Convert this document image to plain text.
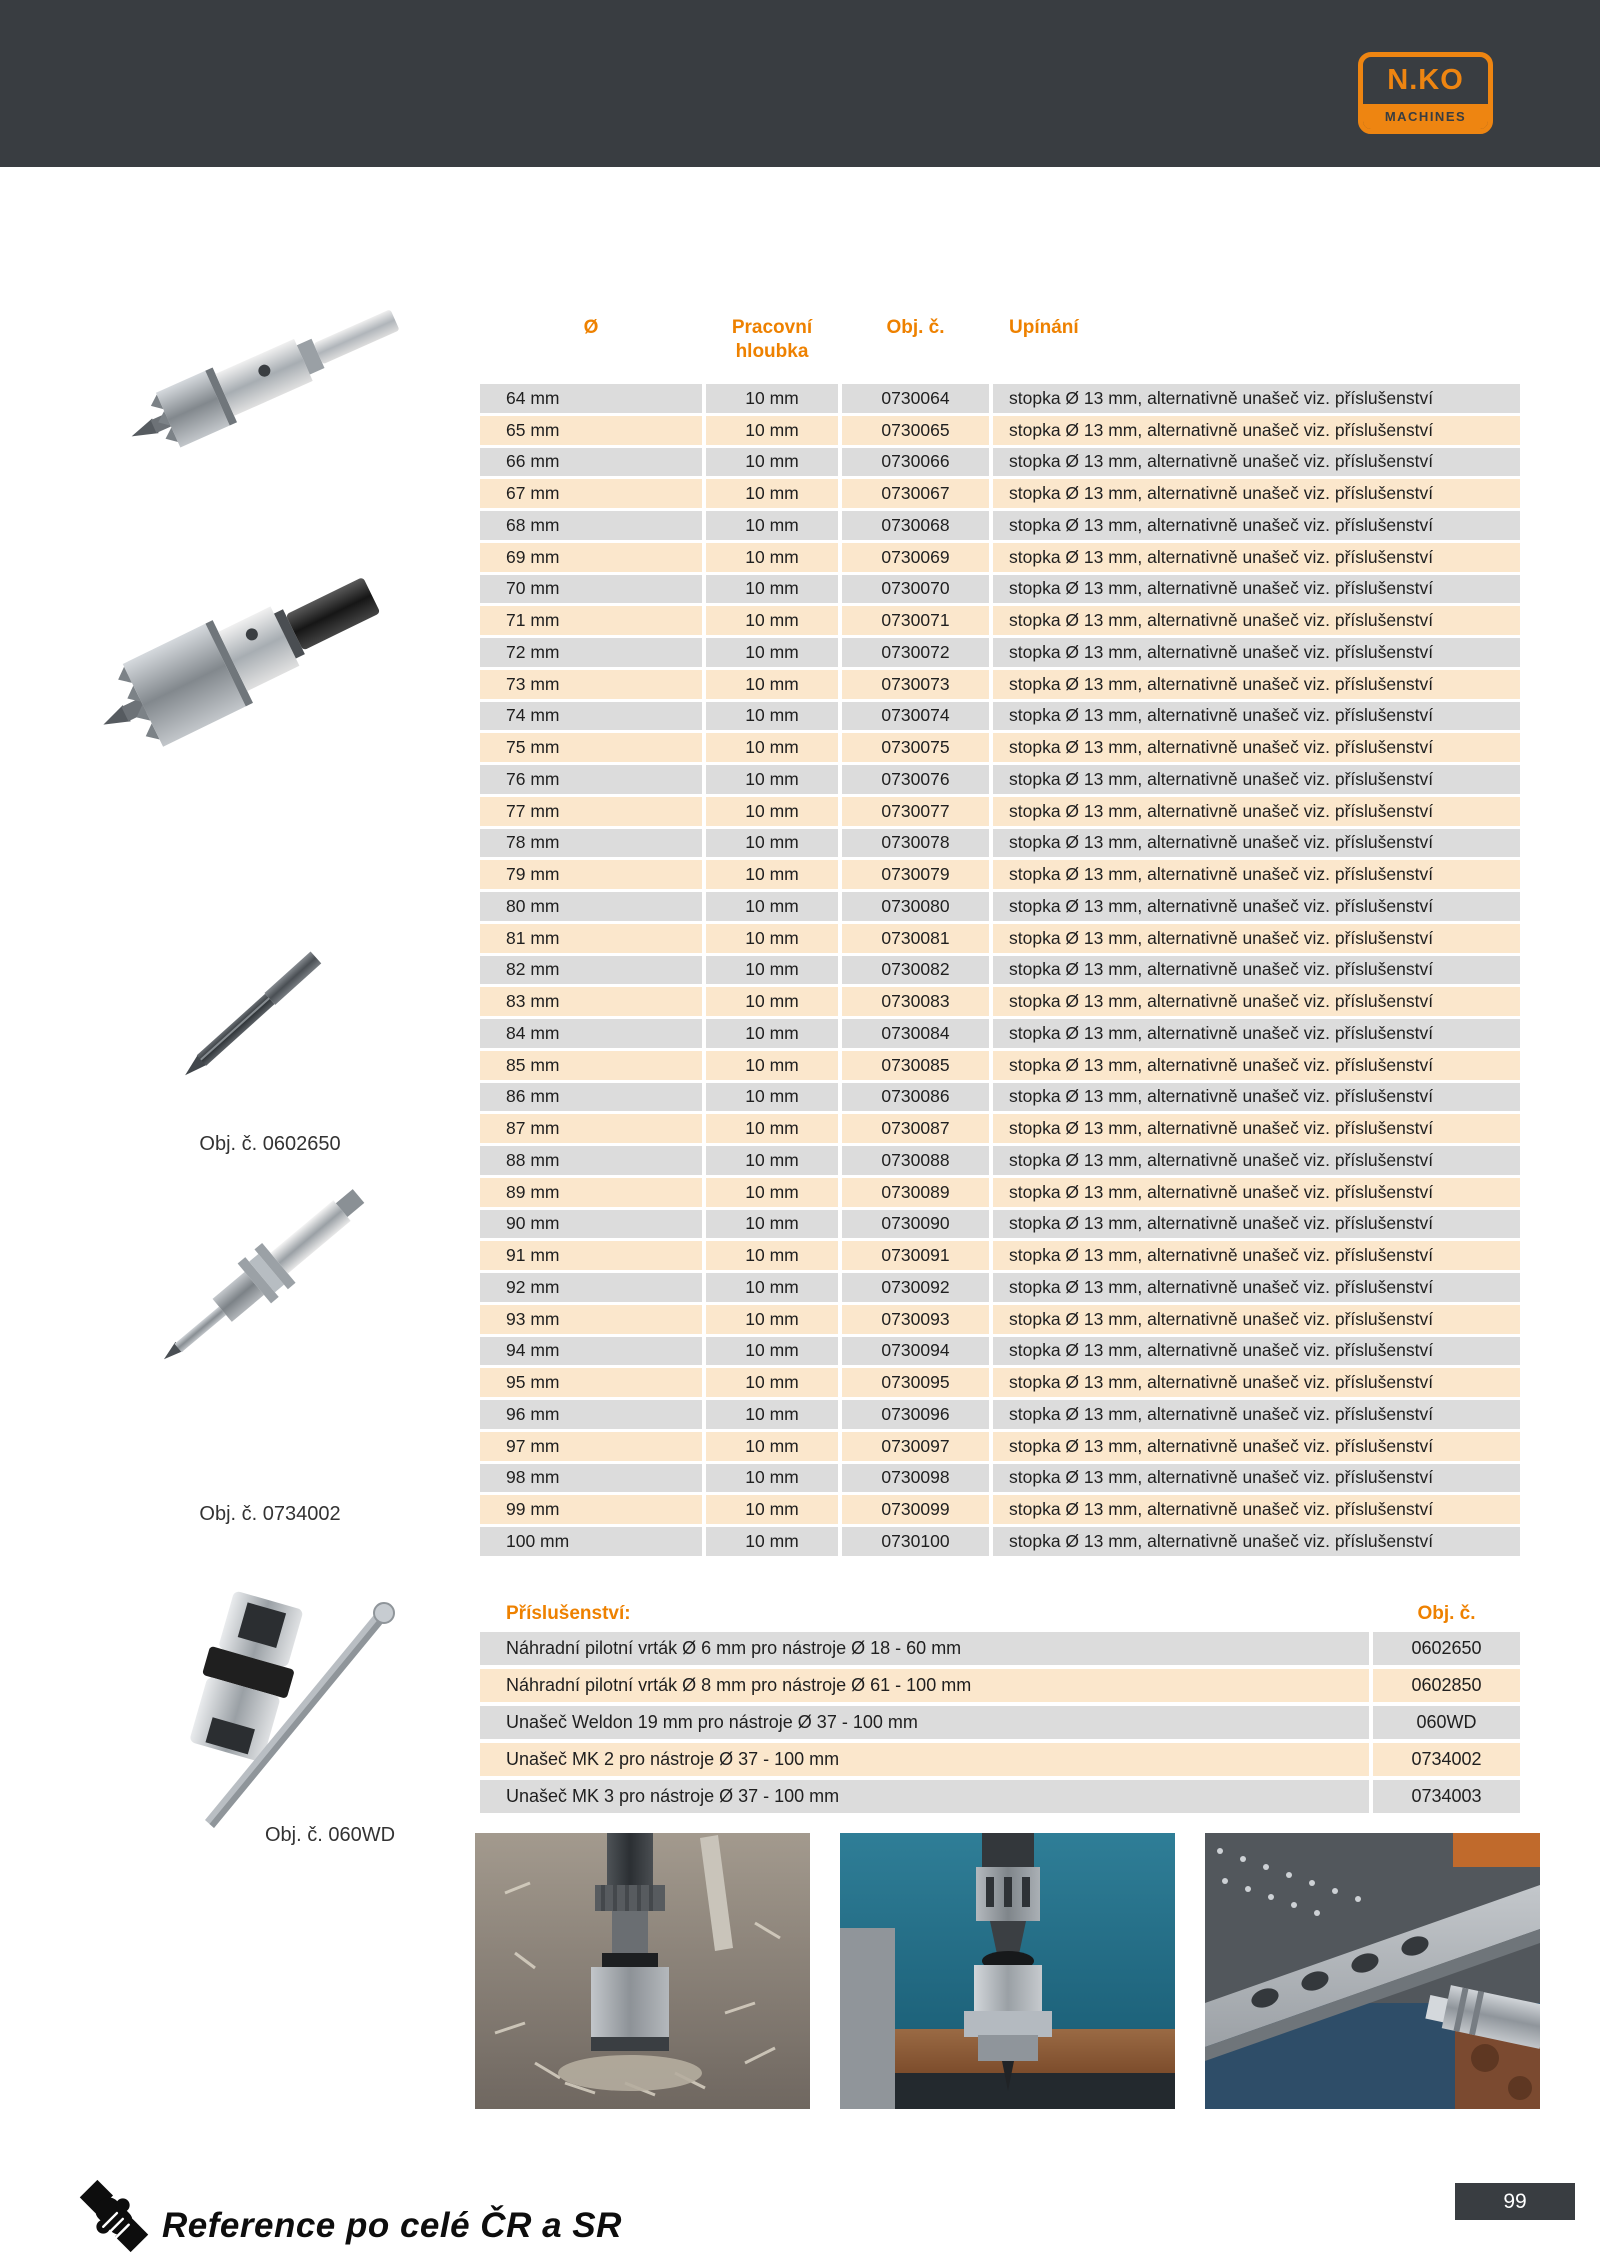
N.KO
MACHINES
Obj. č. 0602650
Obj. č. 0734002
Obj. č. 060WD
Ø	Pracovní
hloubka
Obj. č.	Upínání
64 mm	10 mm	0730064	stopka Ø 13 mm, alternativně unašeč viz. příslušenství
65 mm	10 mm	0730065	stopka Ø 13 mm, alternativně unašeč viz. příslušenství
66 mm	10 mm	0730066	stopka Ø 13 mm, alternativně unašeč viz. příslušenství
67 mm	10 mm	0730067	stopka Ø 13 mm, alternativně unašeč viz. příslušenství
68 mm	10 mm	0730068	stopka Ø 13 mm, alternativně unašeč viz. příslušenství
69 mm	10 mm	0730069	stopka Ø 13 mm, alternativně unašeč viz. příslušenství
70 mm	10 mm	0730070	stopka Ø 13 mm, alternativně unašeč viz. příslušenství
71 mm	10 mm	0730071	stopka Ø 13 mm, alternativně unašeč viz. příslušenství
72 mm	10 mm	0730072	stopka Ø 13 mm, alternativně unašeč viz. příslušenství
73 mm	10 mm	0730073	stopka Ø 13 mm, alternativně unašeč viz. příslušenství
74 mm	10 mm	0730074	stopka Ø 13 mm, alternativně unašeč viz. příslušenství
75 mm	10 mm	0730075	stopka Ø 13 mm, alternativně unašeč viz. příslušenství
76 mm	10 mm	0730076	stopka Ø 13 mm, alternativně unašeč viz. příslušenství
77 mm	10 mm	0730077	stopka Ø 13 mm, alternativně unašeč viz. příslušenství
78 mm	10 mm	0730078	stopka Ø 13 mm, alternativně unašeč viz. příslušenství
79 mm	10 mm	0730079	stopka Ø 13 mm, alternativně unašeč viz. příslušenství
80 mm	10 mm	0730080	stopka Ø 13 mm, alternativně unašeč viz. příslušenství
81 mm	10 mm	0730081	stopka Ø 13 mm, alternativně unašeč viz. příslušenství
82 mm	10 mm	0730082	stopka Ø 13 mm, alternativně unašeč viz. příslušenství
83 mm	10 mm	0730083	stopka Ø 13 mm, alternativně unašeč viz. příslušenství
84 mm	10 mm	0730084	stopka Ø 13 mm, alternativně unašeč viz. příslušenství
85 mm	10 mm	0730085	stopka Ø 13 mm, alternativně unašeč viz. příslušenství
86 mm	10 mm	0730086	stopka Ø 13 mm, alternativně unašeč viz. příslušenství
87 mm	10 mm	0730087	stopka Ø 13 mm, alternativně unašeč viz. příslušenství
88 mm	10 mm	0730088	stopka Ø 13 mm, alternativně unašeč viz. příslušenství
89 mm	10 mm	0730089	stopka Ø 13 mm, alternativně unašeč viz. příslušenství
90 mm	10 mm	0730090	stopka Ø 13 mm, alternativně unašeč viz. příslušenství
91 mm	10 mm	0730091	stopka Ø 13 mm, alternativně unašeč viz. příslušenství
92 mm	10 mm	0730092	stopka Ø 13 mm, alternativně unašeč viz. příslušenství
93 mm	10 mm	0730093	stopka Ø 13 mm, alternativně unašeč viz. příslušenství
94 mm	10 mm	0730094	stopka Ø 13 mm, alternativně unašeč viz. příslušenství
95 mm	10 mm	0730095	stopka Ø 13 mm, alternativně unašeč viz. příslušenství
96 mm	10 mm	0730096	stopka Ø 13 mm, alternativně unašeč viz. příslušenství
97 mm	10 mm	0730097	stopka Ø 13 mm, alternativně unašeč viz. příslušenství
98 mm	10 mm	0730098	stopka Ø 13 mm, alternativně unašeč viz. příslušenství
99 mm	10 mm	0730099	stopka Ø 13 mm, alternativně unašeč viz. příslušenství
100 mm	10 mm	0730100	stopka Ø 13 mm, alternativně unašeč viz. příslušenství
Příslušenství:	Obj. č.
Náhradní pilotní vrták Ø 6 mm pro nástroje Ø 18 - 60 mm	0602650
Náhradní pilotní vrták Ø 8 mm pro nástroje Ø 61 - 100 mm	0602850
Unašeč Weldon 19 mm pro nástroje Ø 37 - 100 mm	060WD
Unašeč MK 2 pro nástroje Ø 37 - 100 mm	0734002
Unašeč MK 3 pro nástroje Ø 37 - 100 mm	0734003
Reference po celé ČR a SR
99
